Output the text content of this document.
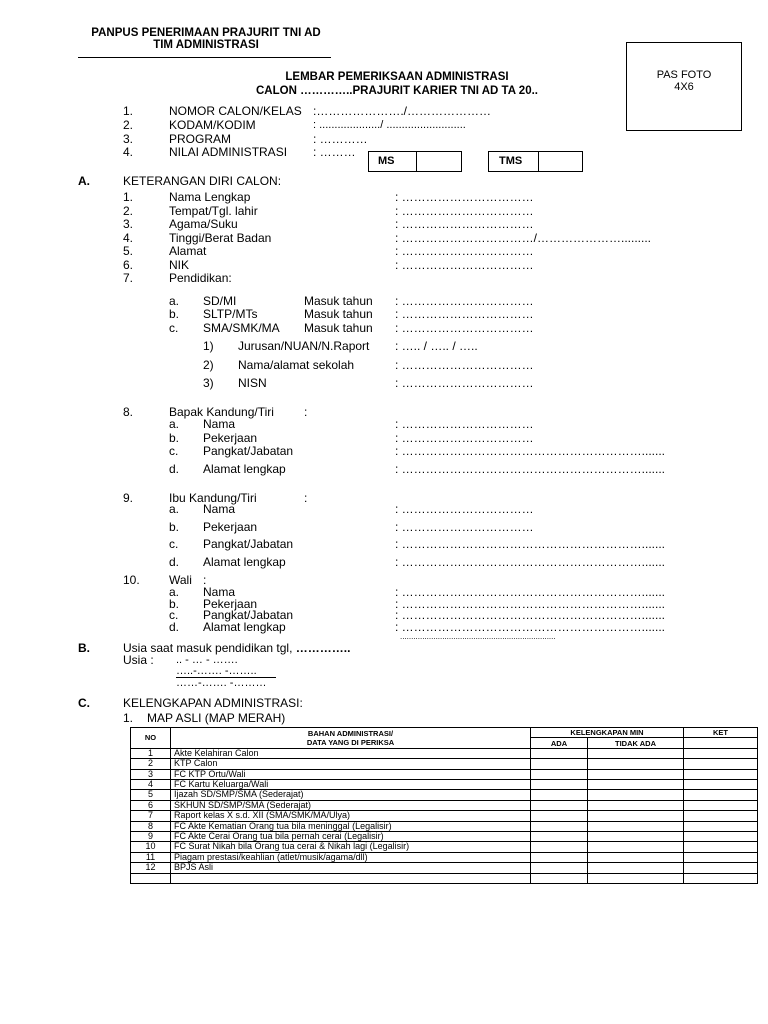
PANPUS PENERIMAAN PRAJURIT TNI AD
TIM ADMINISTRASI
PAS FOTO
4X6
LEMBAR PEMERIKSAAN ADMINISTRASI
CALON …………..PRAJURIT KARIER TNI AD TA 20..
1.	NOMOR CALON/KELAS :…………………./…………………
2.	KODAM/KODIM	: ..................../ ..........................
3.	PROGRAM	: …………
4.	NILAI ADMINISTRASI : ………
MS	TMS
A.	KETERANGAN DIRI CALON:
1.	Nama Lengkap	: ……………………………
2.	Tempat/Tgl. lahir	: ……………………………
3.	Agama/Suku	: ……………………………
4.	Tinggi/Berat Badan	: ……………………………/………………….........
5.	Alamat	: ……………………………
6.	NIK	: ……………………………
7.	Pendidikan:
a. SD/MI	Masuk tahun : ……………………………
b. SLTP/MTs	Masuk tahun : ……………………………
c. SMA/SMK/MA Masuk tahun : ……………………………
1) Jurusan/NUAN/N.Raport : ….. / ….. / …..
2) Nama/alamat sekolah	: ……………………………
3) NISN	: ……………………………
8.	Bapak Kandung/Tiri	:
a. Nama	: ……………………………
b. Pekerjaan	: ……………………………
c. Pangkat/Jabatan	: …………………………………………………….......
d. Alamat lengkap	: …………………………………………………….......
9.	Ibu Kandung/Tiri	:
a. Nama	: ……………………………
b. Pekerjaan	: ……………………………
c. Pangkat/Jabatan	: …………………………………………………….......
d. Alamat lengkap	: …………………………………………………….......
10. Wali :
a. Nama	: …………………………………………………….......
b. Pekerjaan	: …………………………………………………….......
c. Pangkat/Jabatan	: …………………………………………………….......
d. Alamat lengkap	: …………………………………………………….......
......................................................................
B.	Usia saat masuk pendidikan tgl, …………..
Usia : .. - … - …….
…..-……. -……..
……-……. -………
C.	KELENGKAPAN ADMINISTRASI:
1. MAP ASLI (MAP MERAH)
NO	BAHAN ADMINISTRASI/
DATA YANG DI PERIKSA	KELENGKAPAN MIN		KET
		ADA	TIDAK ADA	
1	Akte Kelahiran Calon			
2	KTP Calon			
3	FC KTP Ortu/Wali			
4	FC Kartu Keluarga/Wali			
5	Ijazah SD/SMP/SMA (Sederajat)			
6	SKHUN SD/SMP/SMA (Sederajat)			
7	Raport kelas X s.d. XII (SMA/SMK/MA/Ulya)			
8	FC Akte Kematian Orang tua bila meninggal (Legalisir)			
9	FC Akte Cerai Orang tua bila pernah cerai (Legalisir)			
10	FC Surat Nikah bila Orang tua cerai & Nikah lagi (Legalisir)			
11	Piagam prestasi/keahlian (atlet/musik/agama/dll)			
12	BPJS Asli			
